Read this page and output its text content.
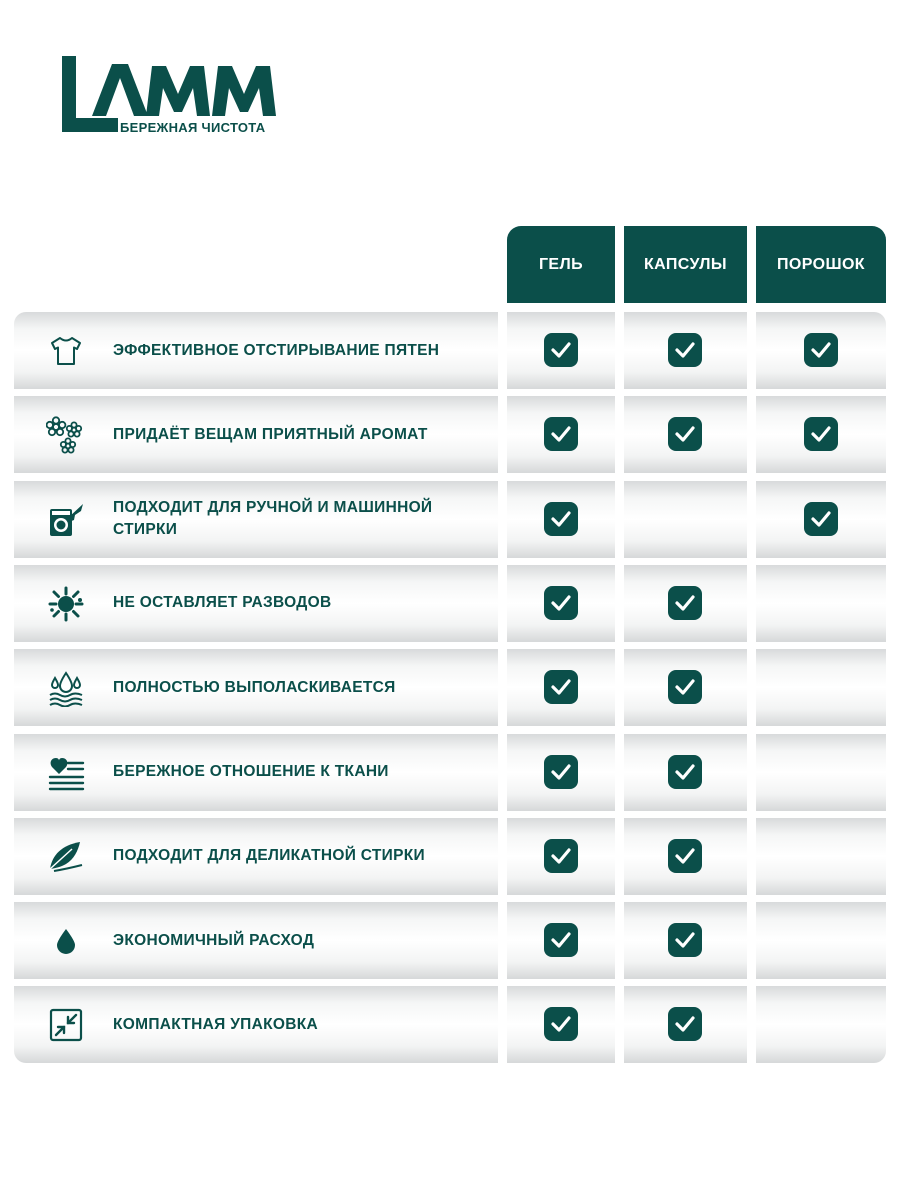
БЕРЕЖНАЯ ЧИСТОТА
ГЕЛЬ	КАПСУЛЫ	ПОРОШОК
ЭФФЕКТИВНОЕ ОТСТИРЫВАНИЕ ПЯТЕН
ПРИДАЁТ ВЕЩАМ ПРИЯТНЫЙ АРОМАТ
ПОДХОДИТ ДЛЯ РУЧНОЙ И МАШИННОЙ СТИРКИ
НЕ ОСТАВЛЯЕТ РАЗВОДОВ
ПОЛНОСТЬЮ ВЫПОЛАСКИВАЕТСЯ
БЕРЕЖНОЕ ОТНОШЕНИЕ К ТКАНИ
ПОДХОДИТ ДЛЯ ДЕЛИКАТНОЙ СТИРКИ
ЭКОНОМИЧНЫЙ РАСХОД
КОМПАКТНАЯ УПАКОВКА
